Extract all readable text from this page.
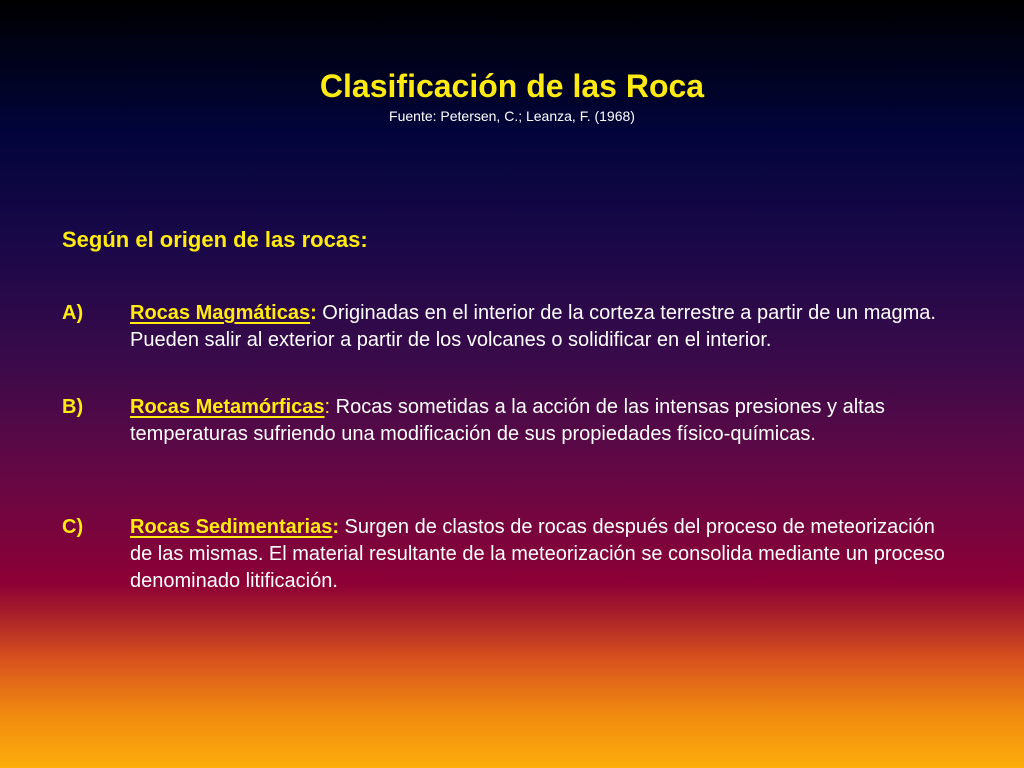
Clasificación de las Roca
Fuente: Petersen, C.; Leanza, F. (1968)
Según el origen de las rocas:
A) Rocas Magmáticas: Originadas en el interior de la corteza terrestre a partir de un magma. Pueden salir al exterior a partir de los volcanes o solidificar en el interior.
B) Rocas Metamórficas: Rocas sometidas a la acción de las intensas presiones y altas temperaturas sufriendo una modificación de sus propiedades físico-químicas.
C) Rocas Sedimentarias: Surgen de clastos de rocas después del proceso de meteorización de las mismas. El material resultante de la meteorización se consolida mediante un proceso denominado litificación.
